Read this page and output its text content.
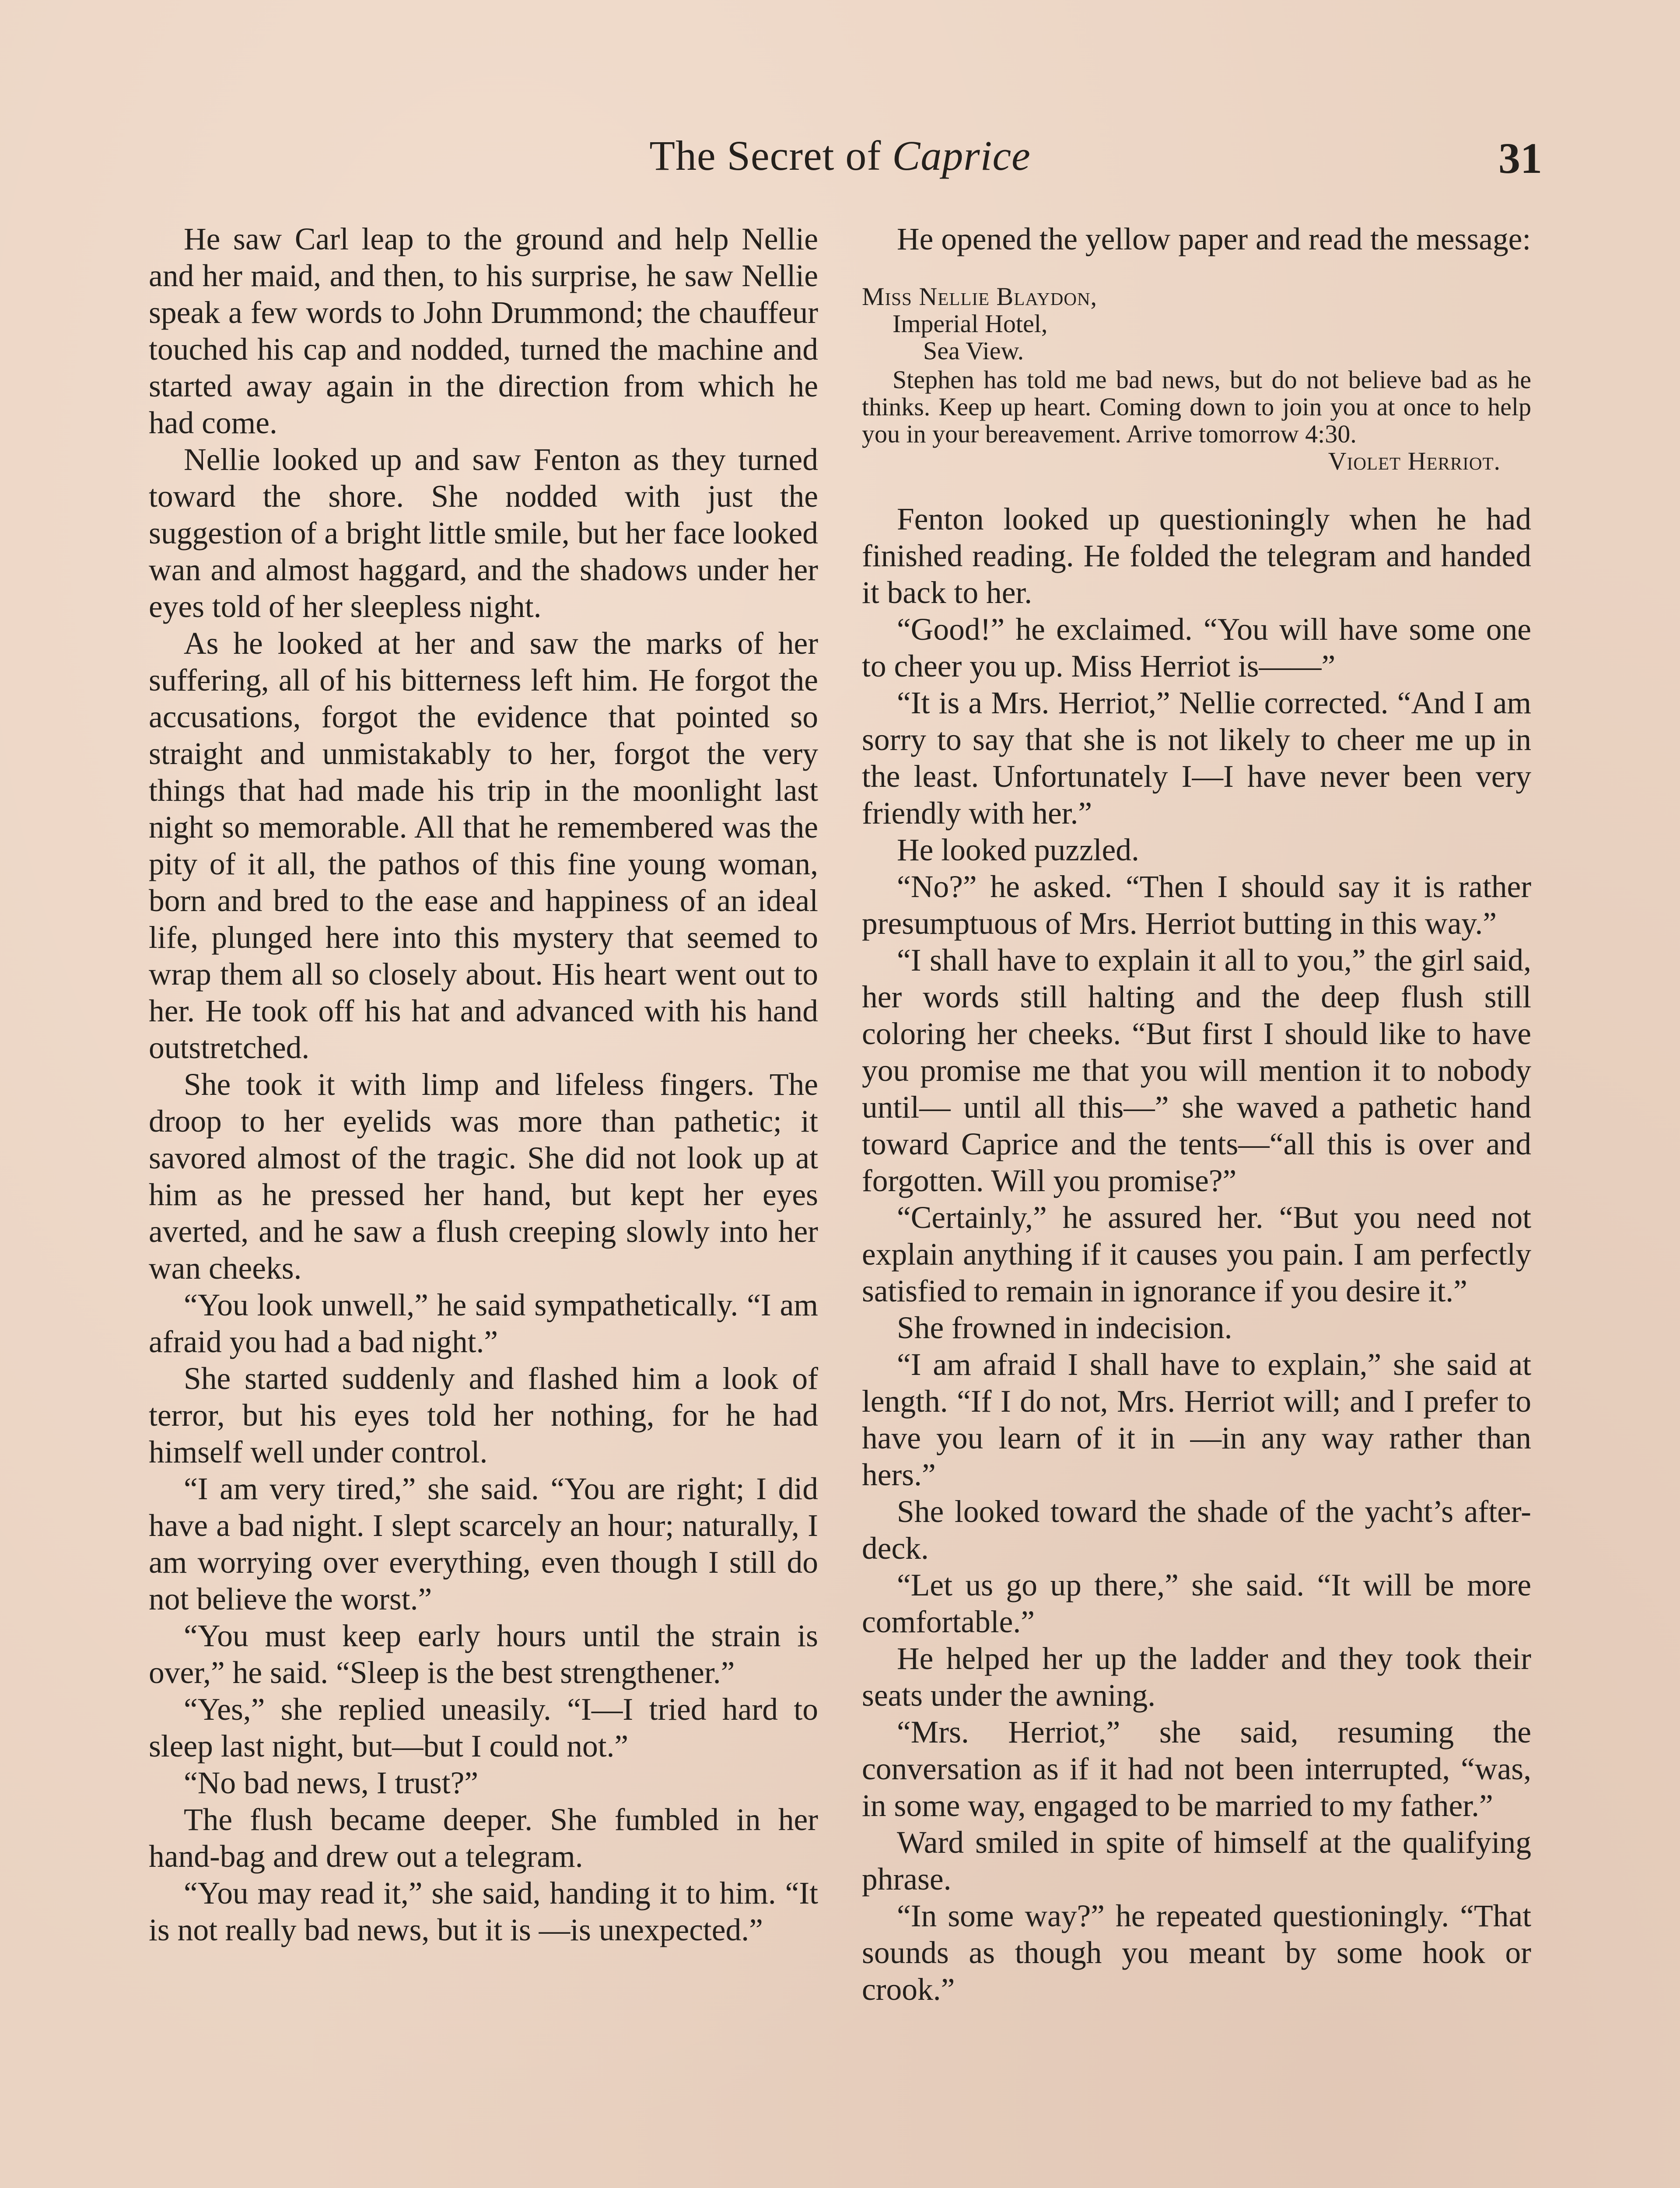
The Secret of Caprice	31

He saw Carl leap to the ground and help Nellie and her maid, and then, to his surprise, he saw Nellie speak a few words to John Drummond; the chauffeur touched his cap and nodded, turned the machine and started away again in the direction from which he had come.

Nellie looked up and saw Fenton as they turned toward the shore. She nodded with just the suggestion of a bright little smile, but her face looked wan and almost haggard, and the shadows under her eyes told of her sleepless night.

As he looked at her and saw the marks of her suffering, all of his bitterness left him. He forgot the accusations, forgot the evidence that pointed so straight and unmistakably to her, forgot the very things that had made his trip in the moonlight last night so memorable. All that he remembered was the pity of it all, the pathos of this fine young woman, born and bred to the ease and happiness of an ideal life, plunged here into this mystery that seemed to wrap them all so closely about. His heart went out to her. He took off his hat and advanced with his hand outstretched.

She took it with limp and lifeless fingers. The droop to her eyelids was more than pathetic; it savored almost of the tragic. She did not look up at him as he pressed her hand, but kept her eyes averted, and he saw a flush creeping slowly into her wan cheeks.

“You look unwell,” he said sympathetically. “I am afraid you had a bad night.”

She started suddenly and flashed him a look of terror, but his eyes told her nothing, for he had himself well under control.

“I am very tired,” she said. “You are right; I did have a bad night. I slept scarcely an hour; naturally, I am worrying over everything, even though I still do not believe the worst.”

“You must keep early hours until the strain is over,” he said. “Sleep is the best strengthener.”

“Yes,” she replied uneasily. “I—I tried hard to sleep last night, but—but I could not.”

“No bad news, I trust?”

The flush became deeper. She fumbled in her hand-bag and drew out a telegram.

“You may read it,” she said, handing it to him. “It is not really bad news, but it is —is unexpected.”

He opened the yellow paper and read the message:

Miss Nellie Blaydon,
Imperial Hotel,
Sea View.
Stephen has told me bad news, but do not believe bad as he thinks. Keep up heart. Coming down to join you at once to help you in your bereavement. Arrive tomorrow 4:30.
Violet Herriot.

Fenton looked up questioningly when he had finished reading. He folded the telegram and handed it back to her.

“Good!” he exclaimed. “You will have some one to cheer you up. Miss Herriot is——”

“It is a Mrs. Herriot,” Nellie corrected. “And I am sorry to say that she is not likely to cheer me up in the least. Unfortunately I—I have never been very friendly with her.”

He looked puzzled.

“No?” he asked. “Then I should say it is rather presumptuous of Mrs. Herriot butting in this way.”

“I shall have to explain it all to you,” the girl said, her words still halting and the deep flush still coloring her cheeks. “But first I should like to have you promise me that you will mention it to nobody until— until all this—” she waved a pathetic hand toward Caprice and the tents—“all this is over and forgotten. Will you promise?”

“Certainly,” he assured her. “But you need not explain anything if it causes you pain. I am perfectly satisfied to remain in ignorance if you desire it.”

She frowned in indecision.

“I am afraid I shall have to explain,” she said at length. “If I do not, Mrs. Herriot will; and I prefer to have you learn of it in —in any way rather than hers.”

She looked toward the shade of the yacht’s after-deck.

“Let us go up there,” she said. “It will be more comfortable.”

He helped her up the ladder and they took their seats under the awning.

“Mrs. Herriot,” she said, resuming the conversation as if it had not been interrupted, “was, in some way, engaged to be married to my father.”

Ward smiled in spite of himself at the qualifying phrase.

“In some way?” he repeated questioningly. “That sounds as though you meant by some hook or crook.”
